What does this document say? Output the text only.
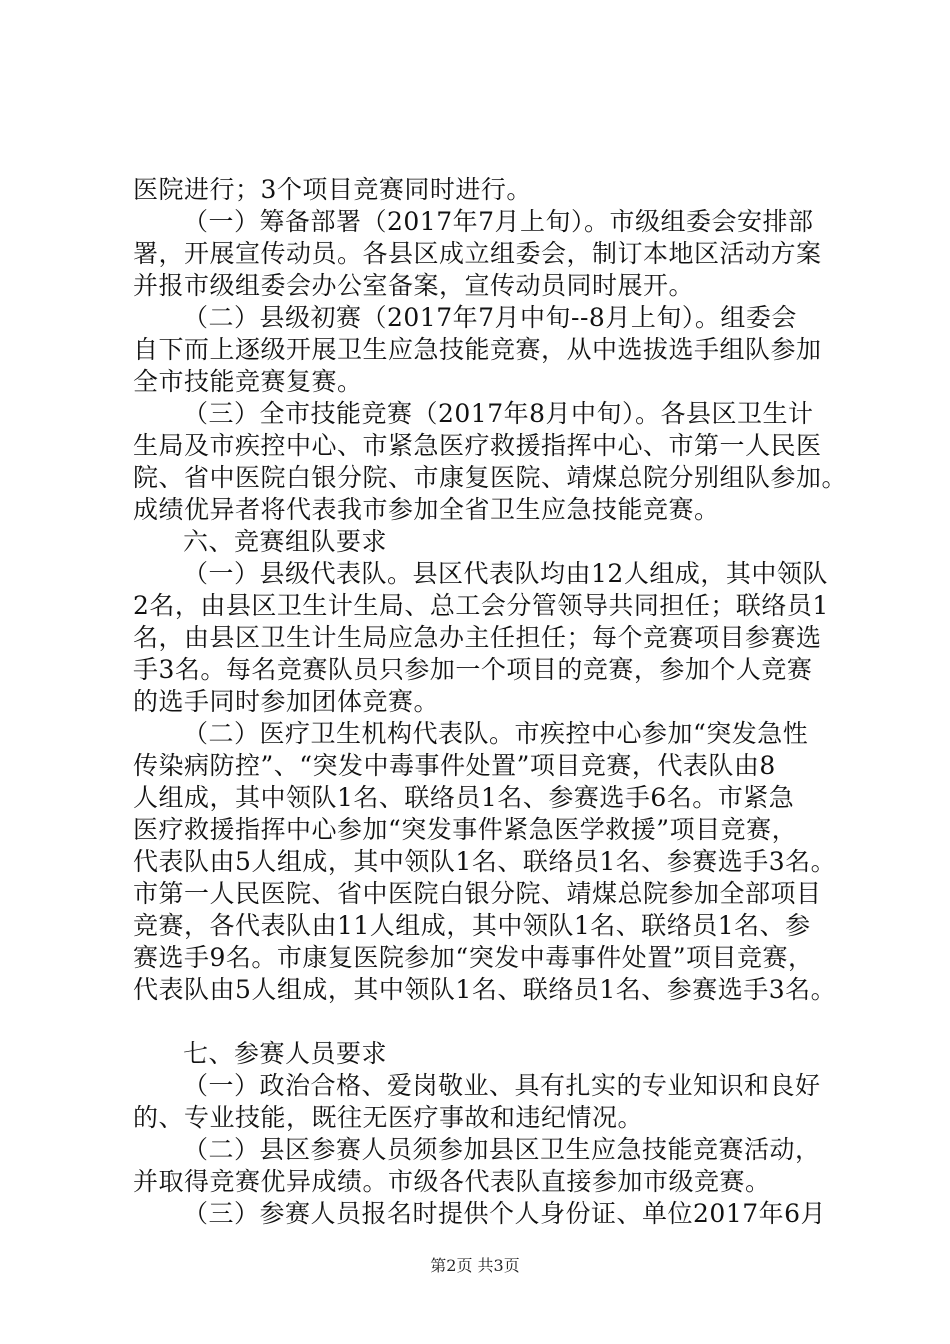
医院进行；3个项目竞赛同时进行。
（一）筹备部署（2017年7月上旬）。市级组委会安排部
署，开展宣传动员。各县区成立组委会，制订本地区活动方案
并报市级组委会办公室备案，宣传动员同时展开。
（二）县级初赛（2017年7月中旬--8月上旬）。组委会
自下而上逐级开展卫生应急技能竞赛，从中选拔选手组队参加
全市技能竞赛复赛。
（三）全市技能竞赛（2017年8月中旬）。各县区卫生计
生局及市疾控中心、市紧急医疗救援指挥中心、市第一人民医
院、省中医院白银分院、市康复医院、靖煤总院分别组队参加。
成绩优异者将代表我市参加全省卫生应急技能竞赛。
六、竞赛组队要求
（一）县级代表队。县区代表队均由12人组成，其中领队
2名，由县区卫生计生局、总工会分管领导共同担任；联络员1
名，由县区卫生计生局应急办主任担任；每个竞赛项目参赛选
手3名。每名竞赛队员只参加一个项目的竞赛，参加个人竞赛
的选手同时参加团体竞赛。
（二）医疗卫生机构代表队。市疾控中心参加“突发急性
传染病防控”、“突发中毒事件处置”项目竞赛，代表队由8
人组成，其中领队1名、联络员1名、参赛选手6名。市紧急
医疗救援指挥中心参加“突发事件紧急医学救援”项目竞赛，
代表队由5人组成，其中领队1名、联络员1名、参赛选手3名。
市第一人民医院、省中医院白银分院、靖煤总院参加全部项目
竞赛，各代表队由11人组成，其中领队1名、联络员1名、参
赛选手9名。市康复医院参加“突发中毒事件处置”项目竞赛，
代表队由5人组成，其中领队1名、联络员1名、参赛选手3名。
七、参赛人员要求
（一）政治合格、爱岗敬业、具有扎实的专业知识和良好
的、专业技能，既往无医疗事故和违纪情况。
（二）县区参赛人员须参加县区卫生应急技能竞赛活动，
并取得竞赛优异成绩。市级各代表队直接参加市级竞赛。
（三）参赛人员报名时提供个人身份证、单位2017年6月
第2页 共3页
